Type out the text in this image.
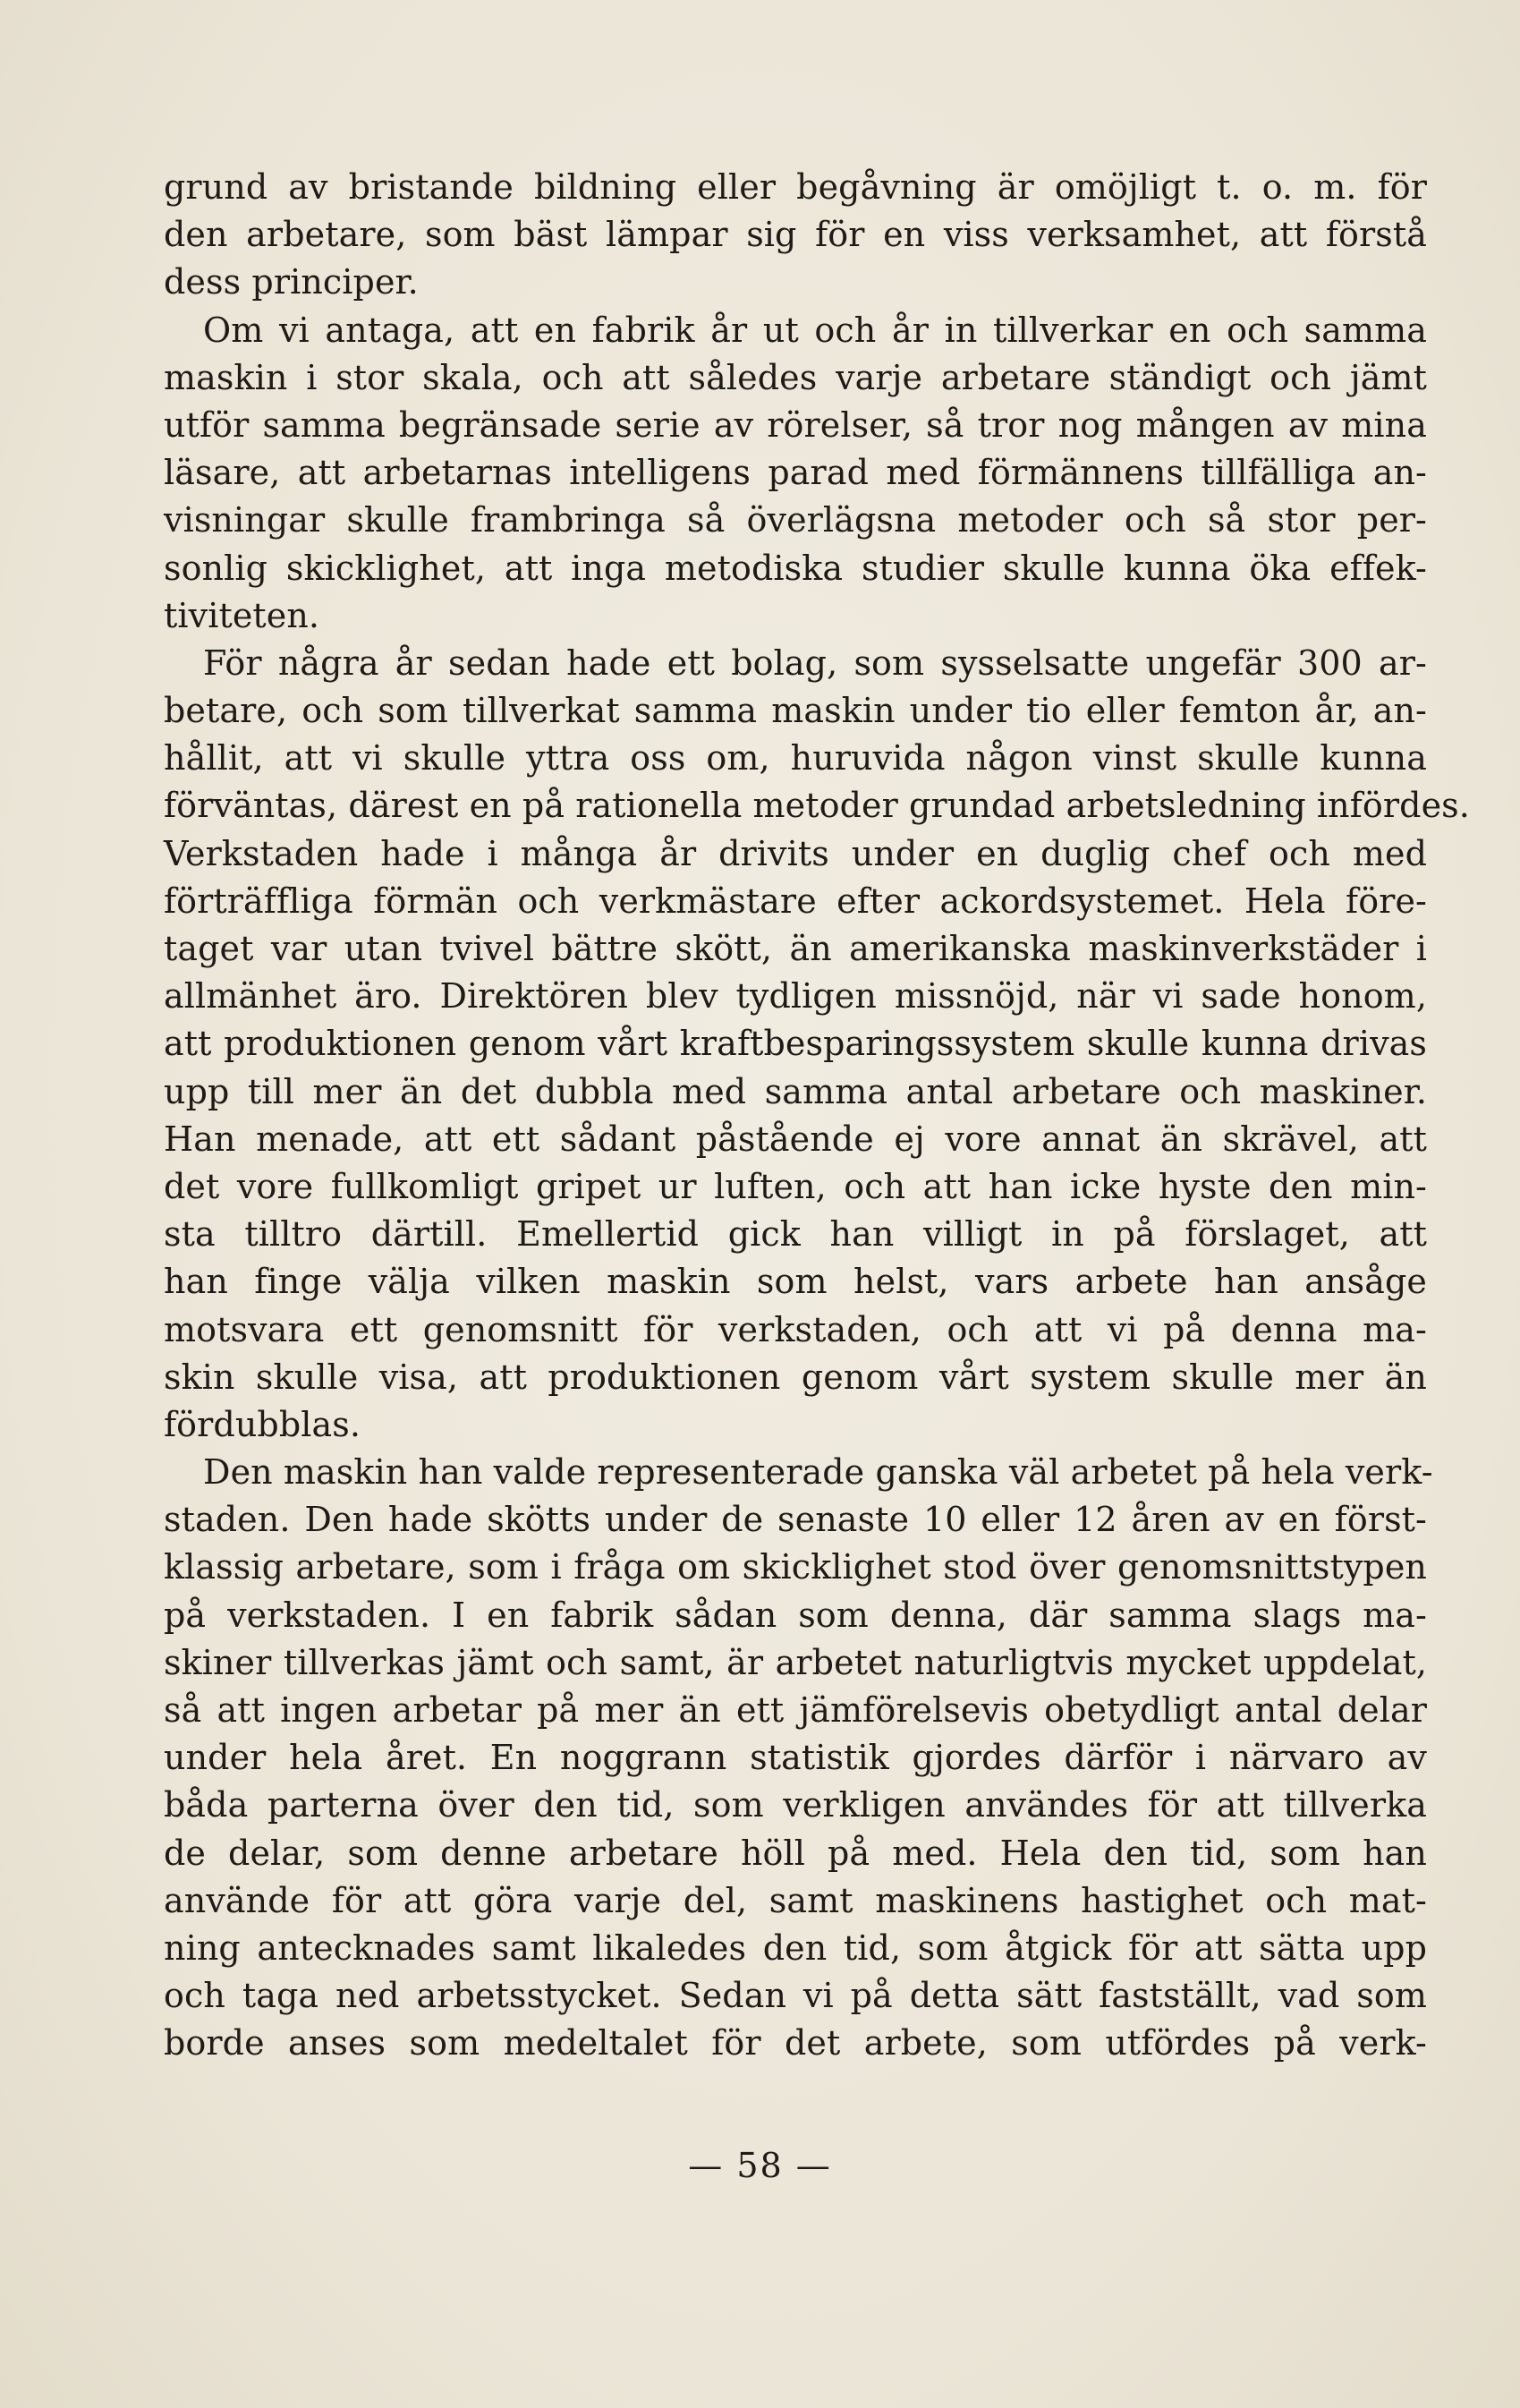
grund av bristande bildning eller begåvning är omöjligt t. o. m. för
den arbetare, som bäst lämpar sig för en viss verksamhet, att förstå
dess principer.
Om vi antaga, att en fabrik år ut och år in tillverkar en och samma
maskin i stor skala, och att således varje arbetare ständigt och jämt
utför samma begränsade serie av rörelser, så tror nog mången av mina
läsare, att arbetarnas intelligens parad med förmännens tillfälliga an-
visningar skulle frambringa så överlägsna metoder och så stor per-
sonlig skicklighet, att inga metodiska studier skulle kunna öka effek-
tiviteten.
För några år sedan hade ett bolag, som sysselsatte ungefär 300 ar-
betare, och som tillverkat samma maskin under tio eller femton år, an-
hållit, att vi skulle yttra oss om, huruvida någon vinst skulle kunna
förväntas, därest en på rationella metoder grundad arbetsledning infördes.
Verkstaden hade i många år drivits under en duglig chef och med
förträffliga förmän och verkmästare efter ackordsystemet. Hela före-
taget var utan tvivel bättre skött, än amerikanska maskinverkstäder i
allmänhet äro. Direktören blev tydligen missnöjd, när vi sade honom,
att produktionen genom vårt kraftbesparingssystem skulle kunna drivas
upp till mer än det dubbla med samma antal arbetare och maskiner.
Han menade, att ett sådant påstående ej vore annat än skrävel, att
det vore fullkomligt gripet ur luften, och att han icke hyste den min-
sta tilltro därtill. Emellertid gick han villigt in på förslaget, att
han finge välja vilken maskin som helst, vars arbete han ansåge
motsvara ett genomsnitt för verkstaden, och att vi på denna ma-
skin skulle visa, att produktionen genom vårt system skulle mer än
fördubblas.
Den maskin han valde representerade ganska väl arbetet på hela verk-
staden. Den hade skötts under de senaste 10 eller 12 åren av en först-
klassig arbetare, som i fråga om skicklighet stod över genomsnittstypen
på verkstaden. I en fabrik sådan som denna, där samma slags ma-
skiner tillverkas jämt och samt, är arbetet naturligtvis mycket uppdelat,
så att ingen arbetar på mer än ett jämförelsevis obetydligt antal delar
under hela året. En noggrann statistik gjordes därför i närvaro av
båda parterna över den tid, som verkligen användes för att tillverka
de delar, som denne arbetare höll på med. Hela den tid, som han
använde för att göra varje del, samt maskinens hastighet och mat-
ning antecknades samt likaledes den tid, som åtgick för att sätta upp
och taga ned arbetsstycket. Sedan vi på detta sätt fastställt, vad som
borde anses som medeltalet för det arbete, som utfördes på verk-
— 58 —
